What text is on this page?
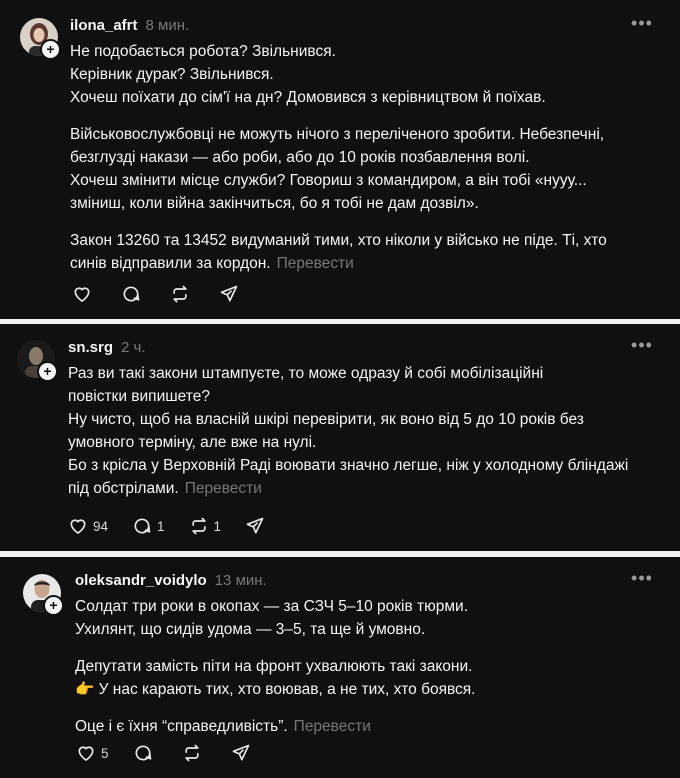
+
ilona_afrt 8 мин.	•••

Не подобається робота? Звільнився.

Керівник дурак? Звільнився.

Хочеш поїхати до сім'ї на дн? Домовився з керівництвом й поїхав.

Військовослужбовці не можуть нічого з переліченого зробити. Небезпечні,

безглузді накази — або роби, або до 10 років позбавлення волі.

Хочеш змінити місце служби? Говориш з командиром, а він тобі «нууу...

зміниш, коли війна закінчиться, бо я тобі не дам дозвіл».

Закон 13260 та 13452 видуманий тими, хто ніколи у військо не піде. Ті, хто

синів відправили за кордон. Перевести

+
sn.srg 2 ч.	•••

Раз ви такі закони штампуєте, то може одразу й собі мобілізаційні

повістки випишете?

Ну чисто, щоб на власній шкірі перевірити, як воно від 5 до 10 років без

умовного терміну, але вже на нулі.

Бо з крісла у Верховній Раді воювати значно легше, ніж у холодному бліндажі

під обстрілами. Перевести

94	1	1
+
oleksandr_voidylo 13 мин.	•••

Солдат три роки в окопах — за СЗЧ 5–10 років тюрми.

Ухилянт, що сидів удома — 3–5, та ще й умовно.

Депутати замість піти на фронт ухвалюють такі закони.

👉 У нас карають тих, хто воював, а не тих, хто боявся.

Оце і є їхня “справедливість”. Перевести

5
